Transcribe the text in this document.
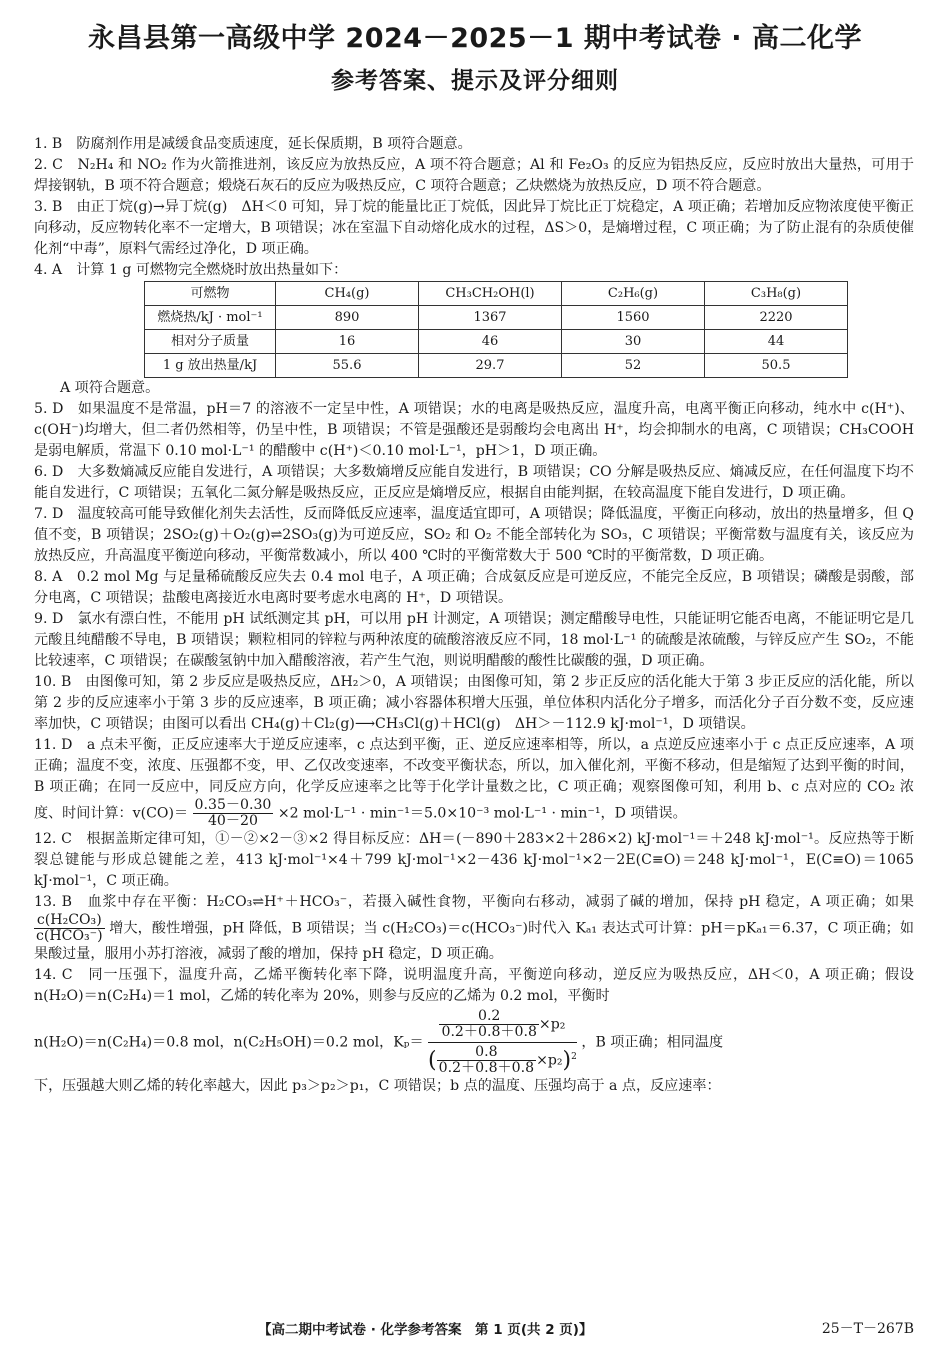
永昌县第一高级中学 2024－2025－1 期中考试卷 · 高二化学
参考答案、提示及评分细则

1. B　防腐剂作用是减缓食品变质速度，延长保质期，B 项符合题意。

2. C　N₂H₄ 和 NO₂ 作为火箭推进剂，该反应为放热反应，A 项不符合题意；Al 和 Fe₂O₃ 的反应为铝热反应，反应时放出大量热，可用于焊接钢轨，B 项不符合题意；煅烧石灰石的反应为吸热反应，C 项符合题意；乙炔燃烧为放热反应，D 项不符合题意。

3. B　由正丁烷(g)→异丁烷(g)　ΔH＜0 可知，异丁烷的能量比正丁烷低，因此异丁烷比正丁烷稳定，A 项正确；若增加反应物浓度使平衡正向移动，反应物转化率不一定增大，B 项错误；冰在室温下自动熔化成水的过程，ΔS＞0，是熵增过程，C 项正确；为了防止混有的杂质使催化剂“中毒”，原料气需经过净化，D 项正确。

4. A　计算 1 g 可燃物完全燃烧时放出热量如下：

可燃物	CH₄(g)	CH₃CH₂OH(l)	C₂H₆(g)	C₃H₈(g)
燃烧热/kJ · mol⁻¹	890	1367	1560	2220
相对分子质量	16	46	30	44
1 g 放出热量/kJ	55.6	29.7	52	50.5

A 项符合题意。

5. D　如果温度不是常温，pH＝7 的溶液不一定呈中性，A 项错误；水的电离是吸热反应，温度升高，电离平衡正向移动，纯水中 c(H⁺)、c(OH⁻)均增大，但二者仍然相等，仍呈中性，B 项错误；不管是强酸还是弱酸均会电离出 H⁺，均会抑制水的电离，C 项错误；CH₃COOH 是弱电解质，常温下 0.10 mol·L⁻¹ 的醋酸中 c(H⁺)＜0.10 mol·L⁻¹，pH＞1，D 项正确。

6. D　大多数熵减反应能自发进行，A 项错误；大多数熵增反应能自发进行，B 项错误；CO 分解是吸热反应、熵减反应，在任何温度下均不能自发进行，C 项错误；五氧化二氮分解是吸热反应，正反应是熵增反应，根据自由能判据，在较高温度下能自发进行，D 项正确。

7. D　温度较高可能导致催化剂失去活性，反而降低反应速率，温度适宜即可，A 项错误；降低温度，平衡正向移动，放出的热量增多，但 Q 值不变，B 项错误；2SO₂(g)＋O₂(g)⇌2SO₃(g)为可逆反应，SO₂ 和 O₂ 不能全部转化为 SO₃，C 项错误；平衡常数与温度有关，该反应为放热反应，升高温度平衡逆向移动，平衡常数减小，所以 400 ℃时的平衡常数大于 500 ℃时的平衡常数，D 项正确。

8. A　0.2 mol Mg 与足量稀硫酸反应失去 0.4 mol 电子，A 项正确；合成氨反应是可逆反应，不能完全反应，B 项错误；磷酸是弱酸，部分电离，C 项错误；盐酸电离接近水电离时要考虑水电离的 H⁺，D 项错误。

9. D　氯水有漂白性，不能用 pH 试纸测定其 pH，可以用 pH 计测定，A 项错误；测定醋酸导电性，只能证明它能否电离，不能证明它是几元酸且纯醋酸不导电，B 项错误；颗粒相同的锌粒与两种浓度的硫酸溶液反应不同，18 mol·L⁻¹ 的硫酸是浓硫酸，与锌反应产生 SO₂，不能比较速率，C 项错误；在碳酸氢钠中加入醋酸溶液，若产生气泡，则说明醋酸的酸性比碳酸的强，D 项正确。

10. B　由图像可知，第 2 步反应是吸热反应，ΔH₂＞0，A 项错误；由图像可知，第 2 步正反应的活化能大于第 3 步正反应的活化能，所以第 2 步的反应速率小于第 3 步的反应速率，B 项正确；减小容器体积增大压强，单位体积内活化分子增多，而活化分子百分数不变，反应速率加快，C 项错误；由图可以看出 CH₄(g)＋Cl₂(g)⟶CH₃Cl(g)＋HCl(g)　ΔH＞－112.9 kJ·mol⁻¹，D 项错误。

11. D　a 点未平衡，正反应速率大于逆反应速率，c 点达到平衡，正、逆反应速率相等，所以，a 点逆反应速率小于 c 点正反应速率，A 项正确；温度不变，浓度、压强都不变，甲、乙仅改变速率，不改变平衡状态，所以，加入催化剂，平衡不移动，但是缩短了达到平衡的时间，B 项正确；在同一反应中，同反应方向，化学反应速率之比等于化学计量数之比，C 项正确；观察图像可知，利用 b、c 点对应的 CO₂ 浓度、时间计算：$v(CO)= \frac{0.35-0.30}{40-20} \times 2$ mol·L⁻¹ · min⁻¹＝5.0×10⁻³ mol·L⁻¹ · min⁻¹，D 项错误。

12. C　根据盖斯定律可知，①－②×2－③×2 得目标反应：ΔH＝(－890＋283×2＋286×2) kJ·mol⁻¹＝＋248 kJ·mol⁻¹。反应热等于断裂总键能与形成总键能之差，413 kJ·mol⁻¹×4＋799 kJ·mol⁻¹×2－436 kJ·mol⁻¹×2－2E(C≡O)＝248 kJ·mol⁻¹，E(C≡O)＝1065 kJ·mol⁻¹，C 项正确。

13. B　血浆中存在平衡：H₂CO₃⇌H⁺＋HCO₃⁻，若摄入碱性食物，平衡向右移动，减弱了碱的增加，保持 pH 稳定，A 项正确；如果
$\frac{\text{c(H₂CO₃)}}{\text{c(HCO₃⁻)}}$ 增大，酸性增强，pH 降低，B 项错误；当 c(H₂CO₃)＝c(HCO₃⁻)时代入 Kₐ₁ 表达式可计算：pH＝pKₐ₁＝6.37，C 项正确；如果酸过量，服用小苏打溶液，减弱了酸的增加，保持 pH 稳定，D 项正确。

14. C　同一压强下，温度升高，乙烯平衡转化率下降，说明温度升高，平衡逆向移动，逆反应为吸热反应，ΔH＜0，A 项正确；假设 n(H₂O)＝n(C₂H₄)＝1 mol，乙烯的转化率为 20%，则参与反应的乙烯为 0.2 mol，平衡时

n(H₂O)＝n(C₂H₄)＝0.8 mol，n(C₂H₅OH)＝0.2 mol，$K_p= \frac{\frac{0.2}{0.2+0.8+0.8} \times p_2}{( \frac{0.8}{0.2+0.8+0.8} \times p_2)^2}$ ，B 项正确；相同温度

下，压强越大则乙烯的转化率越大，因此 p₃＞p₂＞p₁，C 项错误；b 点的温度、压强均高于 a 点，反应速率：

【高二期中考试卷 · 化学参考答案　第 1 页(共 2 页)】	25－T－267B
